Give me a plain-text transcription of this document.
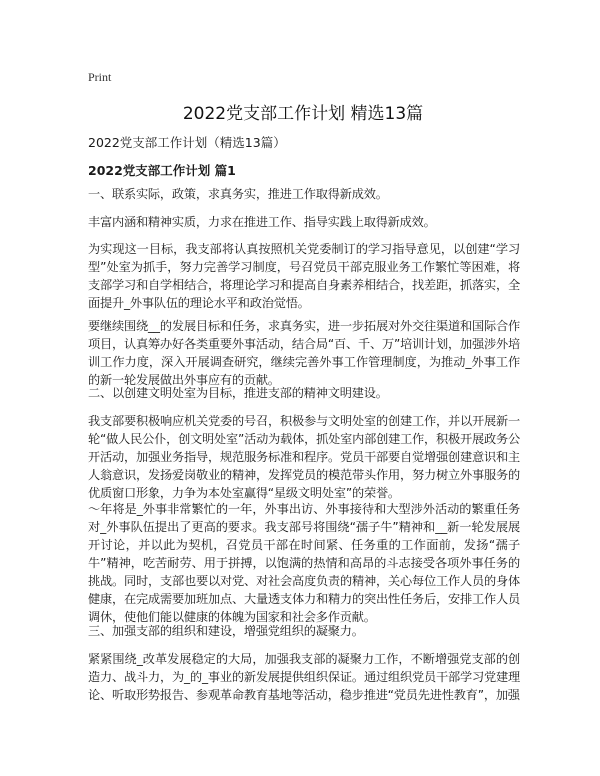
Print
2022党支部工作计划 精选13篇
2022党支部工作计划（精选13篇）
2022党支部工作计划 篇1

一、联系实际，政策，求真务实，推进工作取得新成效。

丰富内涵和精神实质，力求在推进工作、指导实践上取得新成效。

为实现这一目标，我支部将认真按照机关党委制订的学习指导意见，以创建“学习型”处室为抓手，努力完善学习制度，号召党员干部克服业务工作繁忙等困难，将支部学习和自学相结合，将理论学习和提高自身素养相结合，找差距，抓落实，全面提升_外事队伍的理论水平和政治觉悟。

要继续围绕__的发展目标和任务，求真务实，进一步拓展对外交往渠道和国际合作项目，认真筹办好各类重要外事活动，结合局“百、千、万”培训计划，加强涉外培训工作力度，深入开展调查研究，继续完善外事工作管理制度，为推动_外事工作的新一轮发展做出外事应有的贡献。

二、以创建文明处室为目标，推进支部的精神文明建设。

我支部要积极响应机关党委的号召，积极参与文明处室的创建工作，并以开展新一轮“做人民公仆，创文明处室”活动为载体，抓处室内部创建工作，积极开展政务公开活动，加强业务指导，规范服务标准和程序。党员干部要自觉增强创建意识和主人翁意识，发扬爱岗敬业的精神，发挥党员的模范带头作用，努力树立外事服务的优质窗口形象，力争为本处室赢得“星级文明处室”的荣誉。

～年将是_外事非常繁忙的一年，外事出访、外事接待和大型涉外活动的繁重任务对_外事队伍提出了更高的要求。我支部号将围绕“孺子牛”精神和__新一轮发展展开讨论，并以此为契机，召党员干部在时间紧、任务重的工作面前，发扬“孺子牛”精神，吃苦耐劳、用于拼搏，以饱满的热情和高昂的斗志接受各项外事任务的挑战。同时，支部也要以对党、对社会高度负责的精神，关心每位工作人员的身体健康，在完成需要加班加点、大量透支体力和精力的突出性任务后，安排工作人员调休，使他们能以健康的体魄为国家和社会多作贡献。

三、加强支部的组织和建设，增强党组织的凝聚力。

紧紧围绕_改革发展稳定的大局，加强我支部的凝聚力工作，不断增强党支部的创造力、战斗力，为_的_事业的新发展提供组织保证。通过组织党员干部学习党建理论、听取形势报告、参观革命教育基地等活动，稳步推进“党员先进性教育”，加强
